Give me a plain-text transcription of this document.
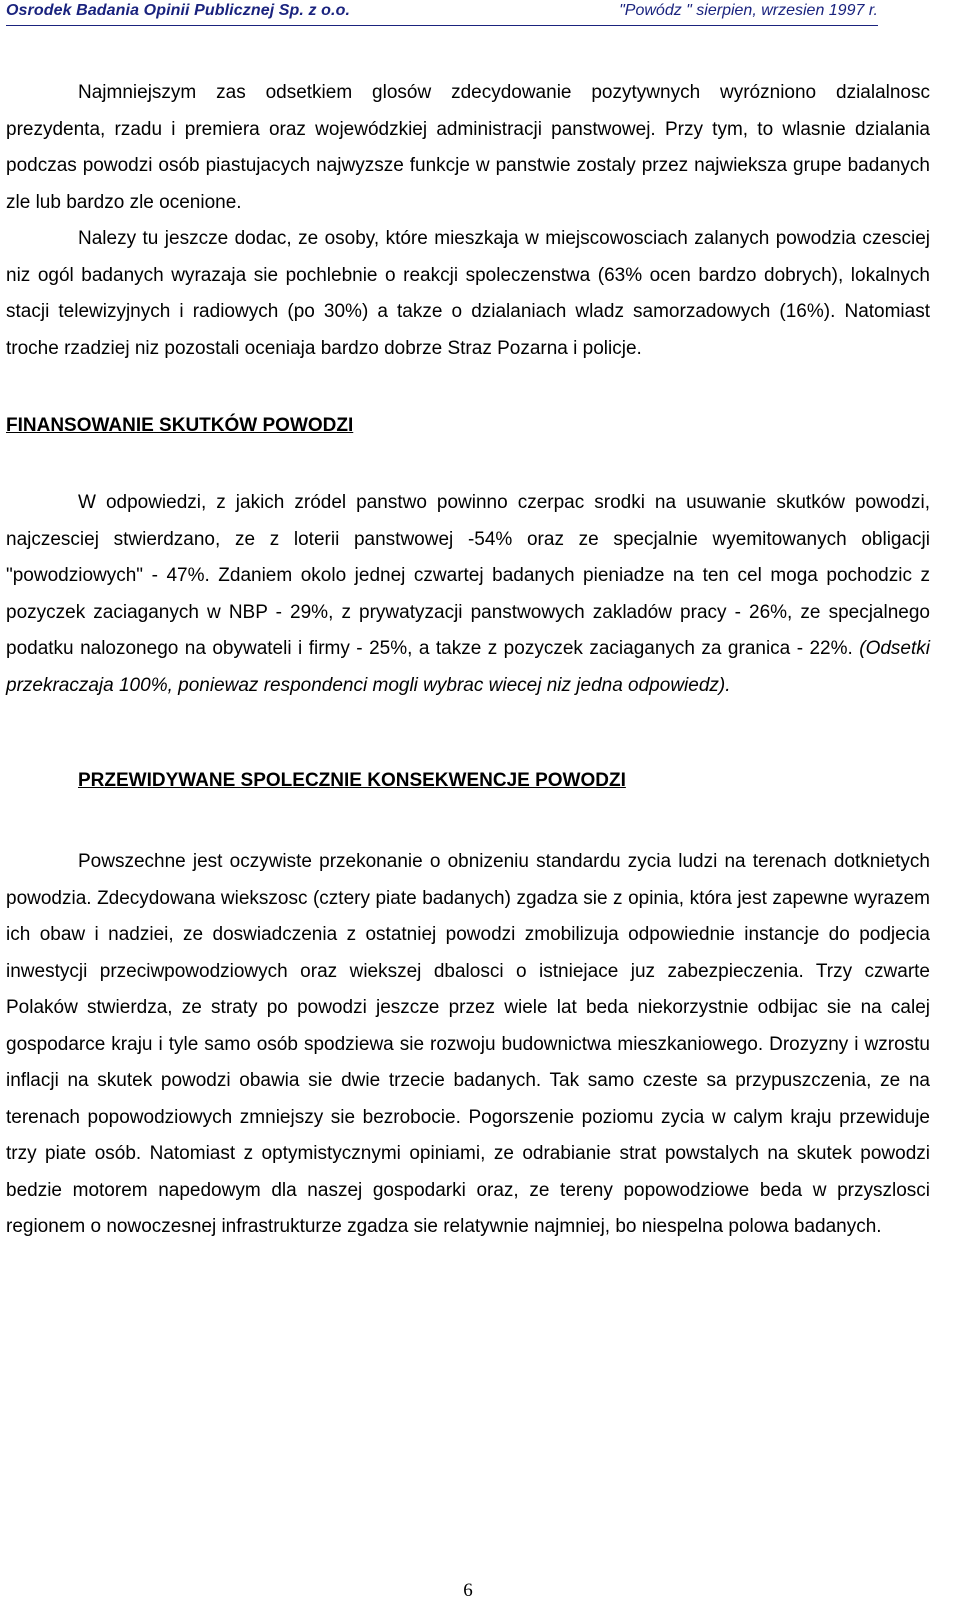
Osrodek Badania Opinii Publicznej Sp. z o.o.	"Powódz " sierpien, wrzesien 1997 r.

Najmniejszym zas odsetkiem glosów zdecydowanie pozytywnych wyrózniono dzialalnosc prezydenta, rzadu i premiera oraz wojewódzkiej administracji panstwowej. Przy tym, to wlasnie dzialania podczas powodzi osób piastujacych najwyzsze funkcje w panstwie zostaly przez najwieksza grupe badanych zle lub bardzo zle ocenione.

Nalezy tu jeszcze dodac, ze osoby, które mieszkaja w miejscowosciach zalanych powodzia czesciej niz ogól badanych wyrazaja sie pochlebnie o reakcji spoleczenstwa (63% ocen bardzo dobrych), lokalnych stacji telewizyjnych i radiowych (po 30%) a takze o dzialaniach wladz samorzadowych (16%). Natomiast troche rzadziej niz pozostali oceniaja bardzo dobrze Straz Pozarna i policje.

FINANSOWANIE SKUTKÓW POWODZI

W odpowiedzi, z jakich zródel panstwo powinno czerpac srodki na usuwanie skutków powodzi, najczesciej stwierdzano, ze z loterii panstwowej -54% oraz ze specjalnie wyemitowanych obligacji "powodziowych" - 47%. Zdaniem okolo jednej czwartej badanych pieniadze na ten cel moga pochodzic z pozyczek zaciaganych w NBP - 29%, z prywatyzacji panstwowych zakladów pracy - 26%, ze specjalnego podatku nalozonego na obywateli i firmy - 25%, a takze z pozyczek zaciaganych za granica - 22%. (Odsetki przekraczaja 100%, poniewaz respondenci mogli wybrac wiecej niz jedna odpowiedz).

PRZEWIDYWANE SPOLECZNIE KONSEKWENCJE POWODZI

Powszechne jest oczywiste przekonanie o obnizeniu standardu zycia ludzi na terenach dotknietych powodzia. Zdecydowana wiekszosc (cztery piate badanych) zgadza sie z opinia, która jest zapewne wyrazem ich obaw i nadziei, ze doswiadczenia z ostatniej powodzi zmobilizuja odpowiednie instancje do podjecia inwestycji przeciwpowodziowych oraz wiekszej dbalosci o istniejace juz zabezpieczenia. Trzy czwarte Polaków stwierdza, ze straty po powodzi jeszcze przez wiele lat beda niekorzystnie odbijac sie na calej gospodarce kraju i tyle samo osób spodziewa sie rozwoju budownictwa mieszkaniowego. Drozyzny i wzrostu inflacji na skutek powodzi obawia sie dwie trzecie badanych. Tak samo czeste sa przypuszczenia, ze na terenach popowodziowych zmniejszy sie bezrobocie. Pogorszenie poziomu zycia w calym kraju przewiduje trzy piate osób. Natomiast z optymistycznymi opiniami, ze odrabianie strat powstalych na skutek powodzi bedzie motorem napedowym dla naszej gospodarki oraz, ze tereny popowodziowe beda w przyszlosci regionem o nowoczesnej infrastrukturze zgadza sie relatywnie najmniej, bo niespelna polowa badanych.

6
